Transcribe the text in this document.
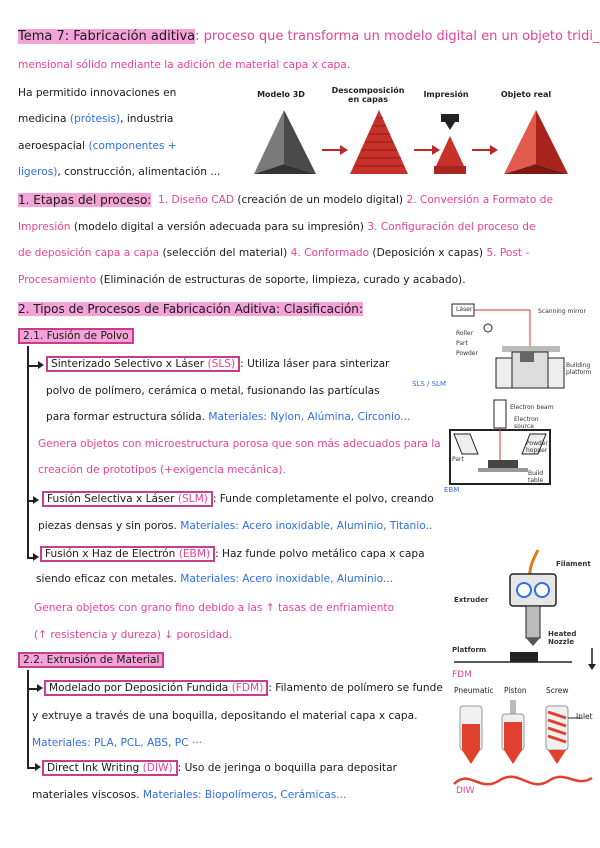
Tema 7: Fabricación aditiva: proceso que transforma un modelo digital en un objeto tridi_
mensional sólido mediante la adición de material capa x capa.
Ha permitido innovaciones en
medicina (prótesis), industria
aeroespacial (componentes +
ligeros), construcción, alimentación ...
Modelo 3D	Descomposición en capas
Impresión	Objeto real
1. Etapas del proceso: 1. Diseño CAD (creación de un modelo digital) 2. Conversión a Formato de
Impresión (modelo digital a versión adecuada para su impresión) 3. Configuración del proceso de
de deposición capa a capa (selección del material) 4. Conformado (Deposición x capas) 5. Post -
Procesamiento (Eliminación de estructuras de soporte, limpieza, curado y acabado).
2. Tipos de Procesos de Fabricación Aditiva: Clasificación:
2.1. Fusión de Polvo
Sinterizado Selectivo x Láser (SLS) : Utiliza láser para sinterizar
polvo de polímero, cerámica o metal, fusionando las partículas
para formar estructura sólida. Materiales: Nylon, Alúmina, Circonio...
Genera objetos con microestructura porosa que son más adecuados para la
creación de prototipos (+exigencia mecánica).
Fusión Selectiva x Láser (SLM) : Funde completamente el polvo, creando
piezas densas y sin poros. Materiales: Acero inoxidable, Aluminio, Titanio..
Fusión x Haz de Electrón (EBM) : Haz funde polvo metálico capa x capa
siendo eficaz con metales. Materiales: Acero inoxidable, Aluminio...
Genera objetos con grano fino debido a las ↑ tasas de enfriamiento
(↑ resistencia y dureza) ↓ porosidad.
2.2. Extrusión de Material
Modelado por Deposición Fundida (FDM) : Filamento de polímero se funde
y extruye a través de una boquilla, depositando el material capa x capa.
Materiales: PLA, PCL, ABS, PC ···
Direct Ink Writing (DIW) : Uso de jeringa o boquilla para depositar
materiales viscosos. Materiales: Biopolímeros, Cerámicas...
Láser	Scanning mirror
Roller
Part
Powder
Building platform
SLS / SLM
Electron beam
Electron source
Powder hopper
Part
Build table
EBM
Filament
Extruder
Platform
Heated Nozzle
FDM
Pneumatic Piston	Screw
Inlet
DIW
